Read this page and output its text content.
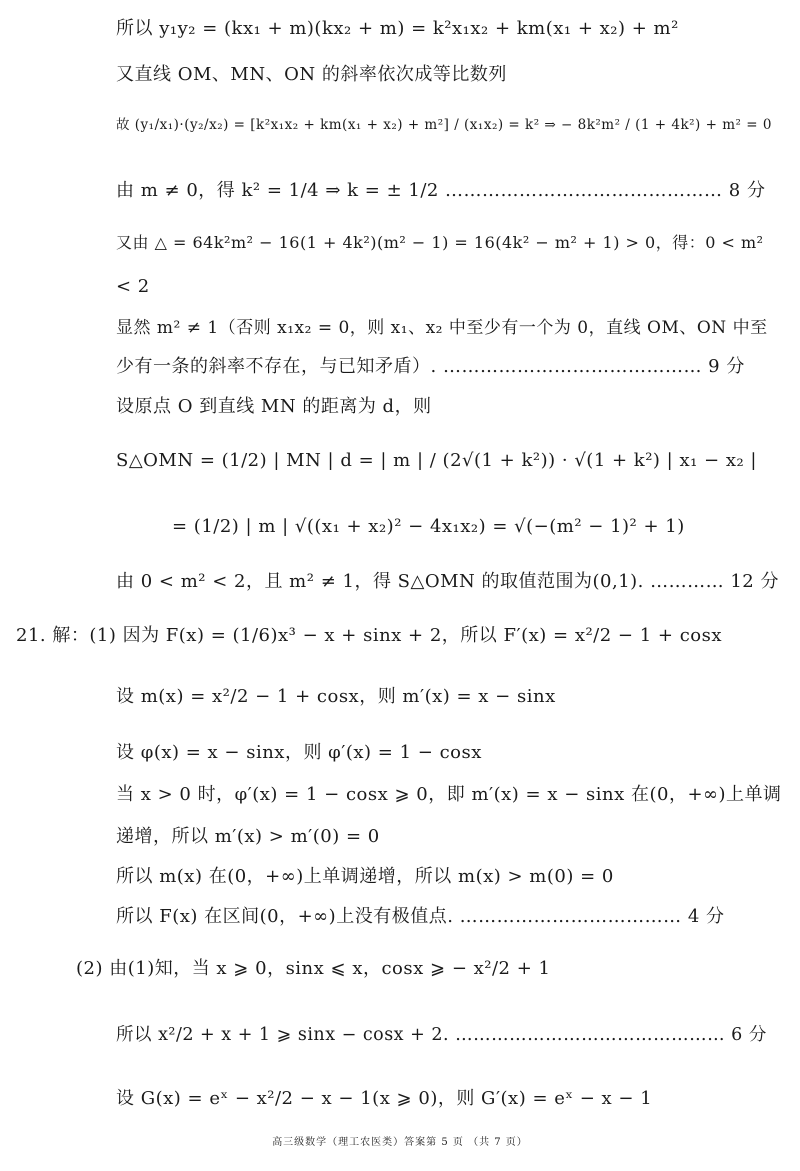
所以 y₁y₂ = (kx₁ + m)(kx₂ + m) = k²x₁x₂ + km(x₁ + x₂) + m²
又直线 OM、MN、ON 的斜率依次成等比数列
故 (y₁/x₁)·(y₂/x₂) = [k²x₁x₂ + km(x₁ + x₂) + m²] / (x₁x₂) = k² ⇒ − 8k²m² / (1 + 4k²) + m² = 0
由 m ≠ 0，得 k² = 1/4 ⇒ k = ± 1/2 ……………………………………… 8 分
又由 △ = 64k²m² − 16(1 + 4k²)(m² − 1) = 16(4k² − m² + 1) > 0，得：0 < m²
< 2
显然 m² ≠ 1（否则 x₁x₂ = 0，则 x₁、x₂ 中至少有一个为 0，直线 OM、ON 中至
少有一条的斜率不存在，与已知矛盾）. …………………………………… 9 分
设原点 O 到直线 MN 的距离为 d，则
S△OMN = (1/2) | MN | d = | m | / (2√(1 + k²)) · √(1 + k²) | x₁ − x₂ |
= (1/2) | m | √((x₁ + x₂)² − 4x₁x₂) = √(−(m² − 1)² + 1)
由 0 < m² < 2，且 m² ≠ 1，得 S△OMN 的取值范围为(0,1). ………… 12 分
21. 解：(1) 因为 F(x) = (1/6)x³ − x + sinx + 2，所以 F′(x) = x²/2 − 1 + cosx
设 m(x) = x²/2 − 1 + cosx，则 m′(x) = x − sinx
设 φ(x) = x − sinx，则 φ′(x) = 1 − cosx
当 x > 0 时，φ′(x) = 1 − cosx ⩾ 0，即 m′(x) = x − sinx 在(0，+∞)上单调
递增，所以 m′(x) > m′(0) = 0
所以 m(x) 在(0，+∞)上单调递增，所以 m(x) > m(0) = 0
所以 F(x) 在区间(0，+∞)上没有极值点. ……………………………… 4 分
(2) 由(1)知，当 x ⩾ 0，sinx ⩽ x，cosx ⩾ − x²/2 + 1
所以 x²/2 + x + 1 ⩾ sinx − cosx + 2. ……………………………………… 6 分
设 G(x) = eˣ − x²/2 − x − 1(x ⩾ 0)，则 G′(x) = eˣ − x − 1
高三级数学（理工农医类）答案第 5 页 （共 7 页）
